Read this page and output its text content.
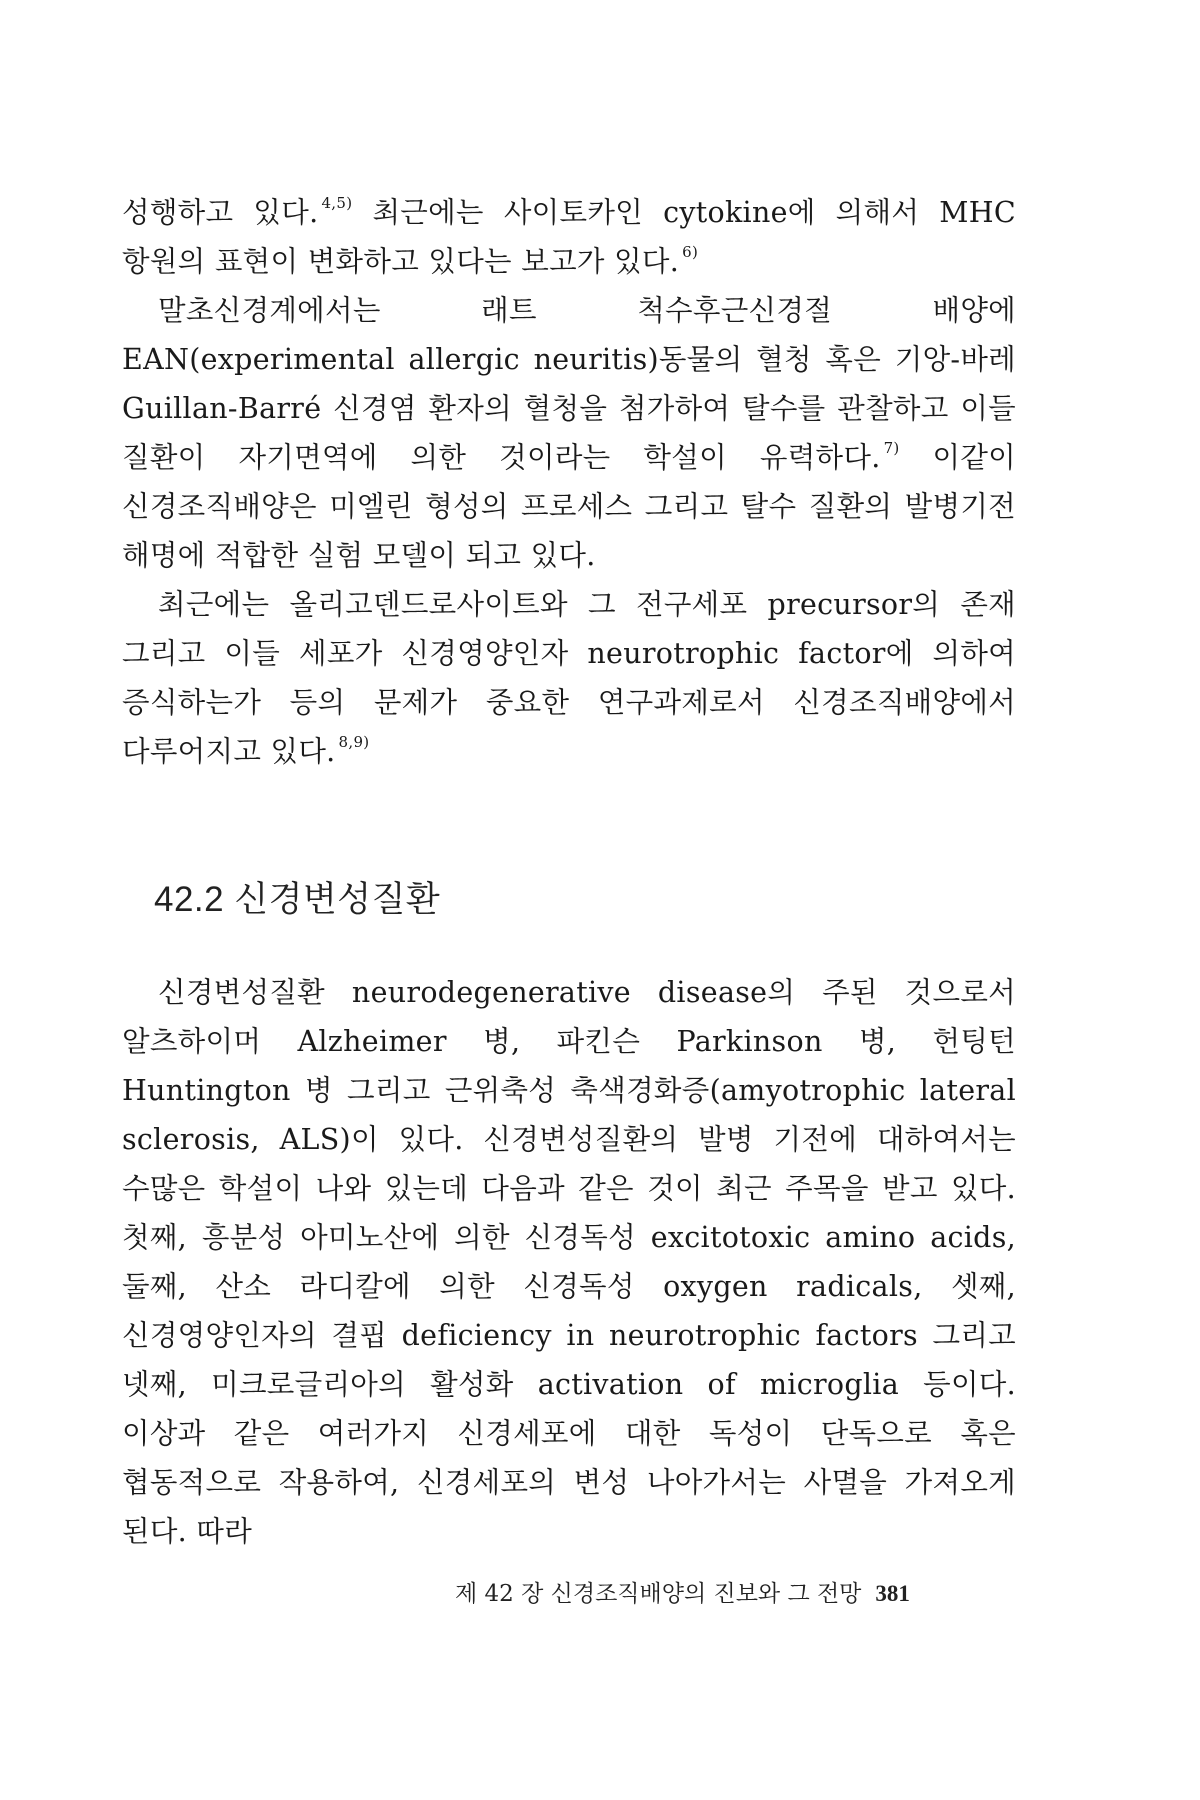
성행하고 있다. $^{4,5)}$ 최근에는 사이토카인 cytokine에 의해서 MHC 항원의 표현이 변화하고 있다는 보고가 있다. $^{6)}$

말초신경계에서는 래트 척수후근신경절 배양에 EAN(experimental allergic neuritis)동물의 혈청 혹은 기앙-바레 Guillan-Barré 신경염 환자의 혈청을 첨가하여 탈수를 관찰하고 이들 질환이 자기면역에 의한 것이라는 학설이 유력하다. $^{7)}$ 이같이 신경조직배양은 미엘린 형성의 프로세스 그리고 탈수 질환의 발병기전 해명에 적합한 실험 모델이 되고 있다.

최근에는 올리고덴드로사이트와 그 전구세포 precursor의 존재 그리고 이들 세포가 신경영양인자 neurotrophic factor에 의하여 증식하는가 등의 문제가 중요한 연구과제로서 신경조직배양에서 다루어지고 있다. $^{8,9)}$

42.2 신경변성질환

신경변성질환 neurodegenerative disease의 주된 것으로서 알츠하이머 Alzheimer 병, 파킨슨 Parkinson 병, 헌팅턴 Huntington 병 그리고 근위축성 축색경화증(amyotrophic lateral sclerosis, ALS)이 있다. 신경변성질환의 발병 기전에 대하여서는 수많은 학설이 나와 있는데 다음과 같은 것이 최근 주목을 받고 있다. 첫째, 흥분성 아미노산에 의한 신경독성 excitotoxic amino acids, 둘째, 산소 라디칼에 의한 신경독성 oxygen radicals, 셋째, 신경영양인자의 결핍 deficiency in neurotrophic factors 그리고 넷째, 미크로글리아의 활성화 activation of microglia 등이다. 이상과 같은 여러가지 신경세포에 대한 독성이 단독으로 혹은 협동적으로 작용하여, 신경세포의 변성 나아가서는 사멸을 가져오게 된다. 따라

제 42 장 신경조직배양의 진보와 그 전망 381
